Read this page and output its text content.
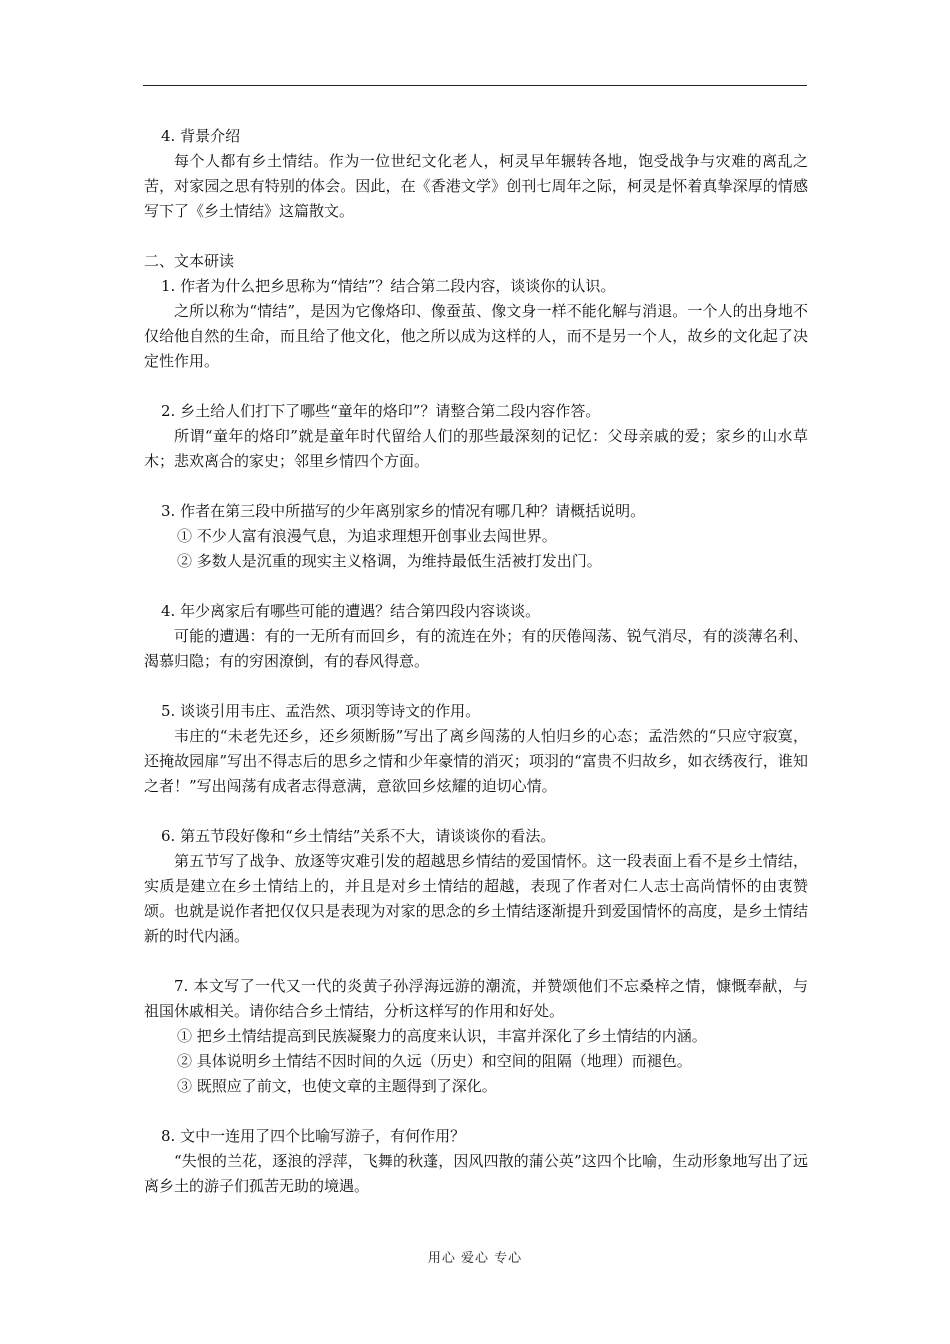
4. 背景介绍

每个人都有乡土情结。作为一位世纪文化老人，柯灵早年辗转各地，饱受战争与灾难的离乱之苦，对家园之思有特别的体会。因此，在《香港文学》创刊七周年之际，柯灵是怀着真挚深厚的情感写下了《乡土情结》这篇散文。

二、文本研读

1. 作者为什么把乡思称为“情结”？结合第二段内容，谈谈你的认识。

之所以称为“情结”，是因为它像烙印、像蚕茧、像文身一样不能化解与消退。一个人的出身地不仅给他自然的生命，而且给了他文化，他之所以成为这样的人，而不是另一个人，故乡的文化起了决定性作用。

2. 乡土给人们打下了哪些“童年的烙印”？请整合第二段内容作答。

所谓“童年的烙印”就是童年时代留给人们的那些最深刻的记忆：父母亲戚的爱；家乡的山水草木；悲欢离合的家史；邻里乡情四个方面。

3. 作者在第三段中所描写的少年离别家乡的情况有哪几种？请概括说明。

① 不少人富有浪漫气息，为追求理想开创事业去闯世界。

② 多数人是沉重的现实主义格调，为维持最低生活被打发出门。

4. 年少离家后有哪些可能的遭遇？结合第四段内容谈谈。

可能的遭遇：有的一无所有而回乡，有的流连在外；有的厌倦闯荡、锐气消尽，有的淡薄名利、渴慕归隐；有的穷困潦倒，有的春风得意。

5. 谈谈引用韦庄、孟浩然、项羽等诗文的作用。

韦庄的“未老先还乡，还乡须断肠”写出了离乡闯荡的人怕归乡的心态；孟浩然的“只应守寂寞，还掩故园扉”写出不得志后的思乡之情和少年豪情的消灭；项羽的“富贵不归故乡，如衣绣夜行，谁知之者！”写出闯荡有成者志得意满，意欲回乡炫耀的迫切心情。

6. 第五节段好像和“乡土情结”关系不大，请谈谈你的看法。

第五节写了战争、放逐等灾难引发的超越思乡情结的爱国情怀。这一段表面上看不是乡土情结，实质是建立在乡土情结上的，并且是对乡土情结的超越，表现了作者对仁人志士高尚情怀的由衷赞颂。也就是说作者把仅仅只是表现为对家的思念的乡土情结逐渐提升到爱国情怀的高度，是乡土情结新的时代内涵。

7. 本文写了一代又一代的炎黄子孙浮海远游的潮流，并赞颂他们不忘桑梓之情，慷慨奉献，与祖国休戚相关。请你结合乡土情结，分析这样写的作用和好处。

① 把乡土情结提高到民族凝聚力的高度来认识，丰富并深化了乡土情结的内涵。

② 具体说明乡土情结不因时间的久远（历史）和空间的阻隔（地理）而褪色。

③ 既照应了前文，也使文章的主题得到了深化。

8. 文中一连用了四个比喻写游子，有何作用？

“失恨的兰花，逐浪的浮萍，飞舞的秋蓬，因风四散的蒲公英”这四个比喻，生动形象地写出了远离乡土的游子们孤苦无助的境遇。

用心 爱心 专心
